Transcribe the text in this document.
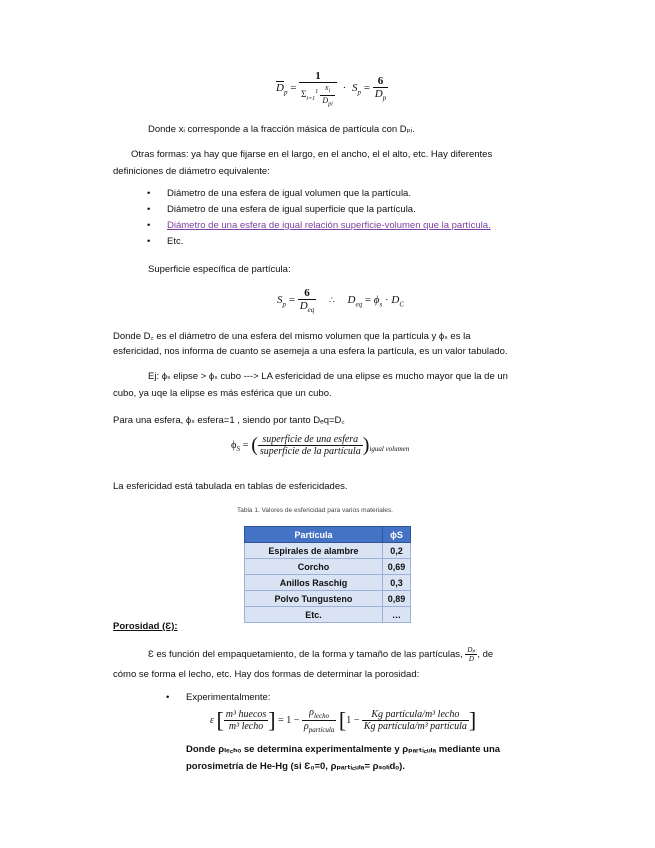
$\overline{D}_p = \frac{1}{\Sigma_{i=1}^1 \frac{x_i}{\overline{D}_{pi}}} \cdot S_p = \frac{6}{\overline{D}_p}$
Donde xᵢ corresponde a la fracción másica de partícula con Dₚᵢ.
Otras formas: ya hay que fijarse en el largo, en el ancho, el el alto, etc. Hay diferentes
definiciones de diámetro equivalente:
• Diámetro de una esfera de igual volumen que la partícula.
• Diámetro de una esfera de igual superficie que la partícula.
• Diámetro de una esfera de igual relación superficie-volumen que la partícula.
• Etc.
Superficie específica de partícula:
$S_p = \frac{6}{D_{eq}}$ ∴ $D_{eq} = \phi_s \cdot D_C$
Donde D꜀ es el diámetro de una esfera del mismo volumen que la partícula y ϕₛ es la
esfericidad, nos informa de cuanto se asemeja a una esfera la partícula, es un valor tabulado.
Ej: ϕₛ elipse > ϕₛ cubo ---> LA esfericidad de una elipse es mucho mayor que la de un
cubo, ya uqe la elipse es más esférica que un cubo.
Para una esfera, ϕₛ esfera=1 , siendo por tanto Dₑq=D꜀
$\phi_S$ = ( $\frac{\text{superficie de una esfera}}{\text{superficie de la partícula}} )_{igual volumen}$
La esfericidad está tabulada en tablas de esfericidades.
Tabla 1. Valores de esfericidad para varios materiales.
Partícula	ϕS
Espirales de alambre	0,2
Corcho	0,69
Anillos Raschig	0,3
Polvo Tungusteno	0,89
Etc.	…
Porosidad (Ɛ):
Ɛ es función del empaquetamiento, de la forma y tamaño de las partículas, $\frac{\text{Dₚ}}{D}$ , de
cómo se forma el lecho, etc. Hay dos formas de determinar la porosidad:
• Experimentalmente:
ε [ $\frac{\text{m³ huecos}}{\text{m³ lecho}}$ ] = $1 - \frac{\rho_{lecho}}{\rho_{partícula}} [1 - \frac{\text{Kg partícula/m³ lecho}}{\text{Kg partícula/m³ partícula}}$ ]
Donde ρₗₑ꜀ₕₒ se determina experimentalmente y ρₚₐᵣₜᵢ꜀ᵤₗₐ mediante una
porosimetría de He-Hg (si Ɛ₀=0, ρₚₐᵣₜᵢ꜀ᵤₗₐ= ρₛₒₗᵢdₒ).
